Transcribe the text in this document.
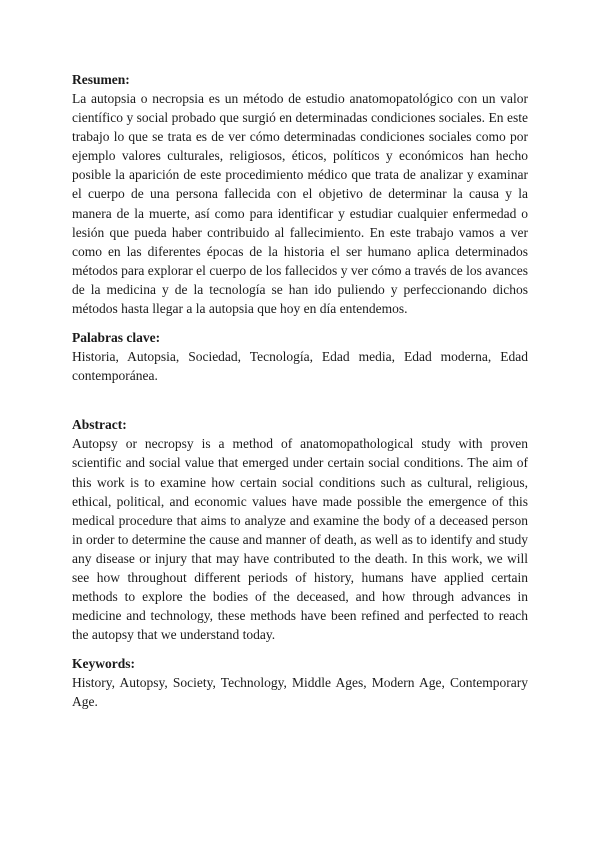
Resumen:

La autopsia o necropsia es un método de estudio anatomopatológico con un valor científico y social probado que surgió en determinadas condiciones sociales. En este trabajo lo que se trata es de ver cómo determinadas condiciones sociales como por ejemplo valores culturales, religiosos, éticos, políticos y económicos han hecho posible la aparición de este procedimiento médico que trata de analizar y examinar el cuerpo de una persona fallecida con el objetivo de determinar la causa y la manera de la muerte, así como para identificar y estudiar cualquier enfermedad o lesión que pueda haber contribuido al fallecimiento. En este trabajo vamos a ver como en las diferentes épocas de la historia el ser humano aplica determinados métodos para explorar el cuerpo de los fallecidos y ver cómo a través de los avances de la medicina y de la tecnología se han ido puliendo y perfeccionando dichos métodos hasta llegar a la autopsia que hoy en día entendemos.

Palabras clave:

Historia, Autopsia, Sociedad, Tecnología, Edad media, Edad moderna, Edad contemporánea.

Abstract:

Autopsy or necropsy is a method of anatomopathological study with proven scientific and social value that emerged under certain social conditions. The aim of this work is to examine how certain social conditions such as cultural, religious, ethical, political, and economic values have made possible the emergence of this medical procedure that aims to analyze and examine the body of a deceased person in order to determine the cause and manner of death, as well as to identify and study any disease or injury that may have contributed to the death. In this work, we will see how throughout different periods of history, humans have applied certain methods to explore the bodies of the deceased, and how through advances in medicine and technology, these methods have been refined and perfected to reach the autopsy that we understand today.

Keywords:

History, Autopsy, Society, Technology, Middle Ages, Modern Age, Contemporary Age.
